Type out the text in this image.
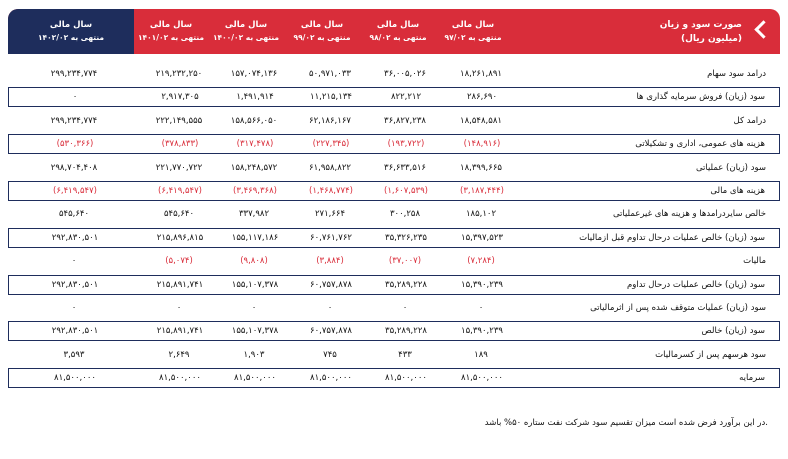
صورت سود و زیان
(میلیون ریال)
سال مالی
منتهی به ۹۷/۰۲
سال مالی
منتهی به ۹۸/۰۲
سال مالی
منتهی به ۹۹/۰۲
سال مالی
منتهی به ۱۴۰۰/۰۲
سال مالی
منتهی به ۱۴۰۱/۰۲
سال مالی
منتهی به ۱۴۰۲/۰۲
درامد سود سهام
۱۸,۲۶۱,۸۹۱
۳۶,۰۰۵,۰۲۶
۵۰,۹۷۱,۰۳۳
۱۵۷,۰۷۴,۱۳۶
۲۱۹,۲۳۲,۲۵۰
۲۹۹,۲۳۴,۷۷۴
سود (زیان) فروش سرمایه گذاری ها
۲۸۶,۶۹۰
۸۲۲,۲۱۲
۱۱,۲۱۵,۱۳۴
۱,۴۹۱,۹۱۴
۲,۹۱۷,۳۰۵
۰
درامد کل
۱۸,۵۴۸,۵۸۱
۳۶,۸۲۷,۲۳۸
۶۲,۱۸۶,۱۶۷
۱۵۸,۵۶۶,۰۵۰
۲۲۲,۱۴۹,۵۵۵
۲۹۹,۲۳۴,۷۷۴
هزینه های عمومی، اداری و تشکیلاتی
(۱۴۸,۹۱۶)
(۱۹۳,۷۲۲)
(۲۲۷,۳۴۵)
(۳۱۷,۴۷۸)
(۳۷۸,۸۳۳)
(۵۳۰,۳۶۶)
سود (زیان) عملیاتی
۱۸,۳۹۹,۶۶۵
۳۶,۶۳۳,۵۱۶
۶۱,۹۵۸,۸۲۲
۱۵۸,۲۴۸,۵۷۲
۲۲۱,۷۷۰,۷۲۲
۲۹۸,۷۰۴,۴۰۸
هزینه های مالی
(۳,۱۸۷,۴۴۴)
(۱,۶۰۷,۵۳۹)
(۱,۴۶۸,۷۷۴)
(۳,۴۶۹,۳۶۸)
(۶,۴۱۹,۵۴۷)
(۶,۴۱۹,۵۴۷)
خالص سایردرامدها و هزینه های غیرعملیاتی
۱۸۵,۱۰۲
۳۰۰,۲۵۸
۲۷۱,۶۶۴
۳۳۷,۹۸۲
۵۴۵,۶۴۰
۵۴۵,۶۴۰
سود (زیان) خالص عملیات درحال تداوم قبل ازمالیات
۱۵,۳۹۷,۵۲۳
۳۵,۳۲۶,۲۳۵
۶۰,۷۶۱,۷۶۲
۱۵۵,۱۱۷,۱۸۶
۲۱۵,۸۹۶,۸۱۵
۲۹۲,۸۳۰,۵۰۱
مالیات
(۷,۲۸۴)
(۳۷,۰۰۷)
(۳,۸۸۴)
(۹,۸۰۸)
(۵,۰۷۴)
۰
سود (زیان) خالص عملیات درحال تداوم
۱۵,۳۹۰,۲۳۹
۳۵,۲۸۹,۲۲۸
۶۰,۷۵۷,۸۷۸
۱۵۵,۱۰۷,۳۷۸
۲۱۵,۸۹۱,۷۴۱
۲۹۲,۸۳۰,۵۰۱
سود (زیان) عملیات متوقف شده پس از اثرمالیاتی
۰
۰
۰
۰
۰
۰
سود (زیان) خالص
۱۵,۳۹۰,۲۳۹
۳۵,۲۸۹,۲۲۸
۶۰,۷۵۷,۸۷۸
۱۵۵,۱۰۷,۳۷۸
۲۱۵,۸۹۱,۷۴۱
۲۹۲,۸۳۰,۵۰۱
سود هرسهم پس از کسرمالیات
۱۸۹
۴۳۳
۷۴۵
۱,۹۰۳
۲,۶۴۹
۳,۵۹۳
سرمایه
۸۱,۵۰۰,۰۰۰
۸۱,۵۰۰,۰۰۰
۸۱,۵۰۰,۰۰۰
۸۱,۵۰۰,۰۰۰
۸۱,۵۰۰,۰۰۰
۸۱,۵۰۰,۰۰۰
در این برآورد فرض شده است میزان تقسیم سود شرکت نفت ستاره ۵۰% باشد.
